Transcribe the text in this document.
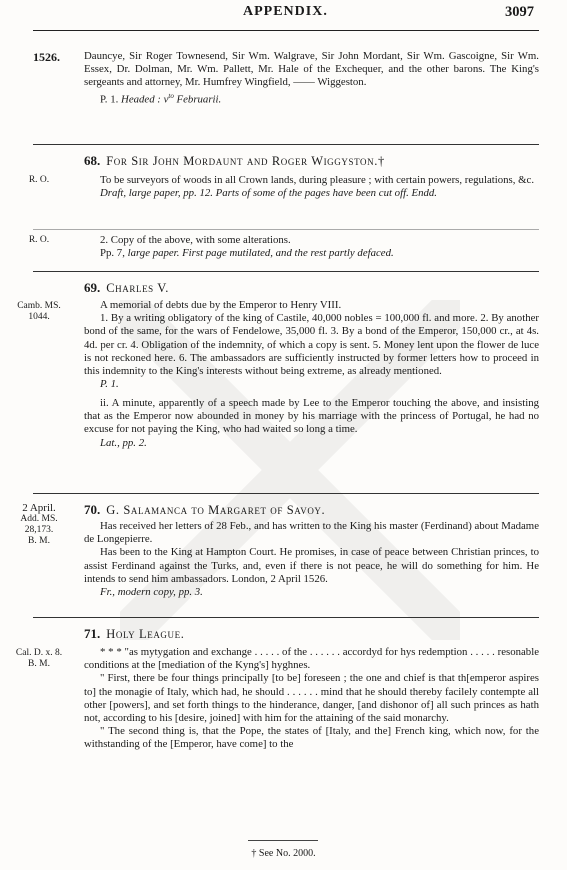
APPENDIX.	3097
1526. Dauncye, Sir Roger Townesend, Sir Wm. Walgrave, Sir John Mordant, Sir Wm. Gascoigne, Sir Wm. Essex, Dr. Dolman, Mr. Wm. Pallett, Mr. Hale of the Exchequer, and the other barons. The King's sergeants and attorney, Mr. Humfrey Wingfield, —— Wiggeston.

P. 1. Headed : $v^{to}$ Februarii.

68. For Sir John Mordaunt and Roger Wiggyston.†
R. O.	To be surveyors of woods in all Crown lands, during pleasure ; with certain powers, regulations, &c.

Draft, large paper, pp. 12. Parts of some of the pages have been cut off. Endd.

R. O.	2. Copy of the above, with some alterations.

Pp. 7, large paper. First page mutilated, and the rest partly defaced.

69. Charles V.
Camb. MS.
1044.

A memorial of debts due by the Emperor to Henry VIII.

1. By a writing obligatory of the king of Castile, 40,000 nobles = 100,000 fl. and more. 2. By another bond of the same, for the wars of Fendelowe, 35,000 fl. 3. By a bond of the Emperor, 150,000 cr., at 4s. 4d. per cr. 4. Obligation of the indemnity, of which a copy is sent. 5. Money lent upon the flower de luce is not reckoned here. 6. The ambassadors are sufficiently instructed by former letters how to proceed in this indemnity to the King's interests without being extreme, as already mentioned.

P. 1.

ii. A minute, apparently of a speech made by Lee to the Emperor touching the above, and insisting that as the Emperor now abounded in money by his marriage with the princess of Portugal, he had no excuse for not paying the King, who had waited so long a time.

Lat., pp. 2.

2 April.
Add. MS.
28,173.
B. M.
70. G. Salamanca to Margaret of Savoy.

Has received her letters of 28 Feb., and has written to the King his master (Ferdinand) about Madame de Longepierre.

Has been to the King at Hampton Court. He promises, in case of peace between Christian princes, to assist Ferdinand against the Turks, and, even if there is not peace, he will do something for him. He intends to send him ambassadors. London, 2 April 1526.

Fr., modern copy, pp. 3.

71. Holy League.
Cal. D. x. 8.
B. M.

* * * "as mytygation and exchange . . . . . of the . . . . . . accordyd for hys redemption . . . . . resonable conditions at the [mediation of the Kyng's] hyghnes.

" First, there be four things principally [to be] foreseen ; the one and chief is that th[emperor aspires to] the monagie of Italy, which had, he should . . . . . . mind that he should thereby facilely contempte all other [powers], and set forth things to the hinderance, danger, [and dishonor of] all such princes as hath not, according to his [desire, joined] with him for the attaining of the said monarchy.

" The second thing is, that the Pope, the states of [Italy, and the] French king, which now, for the withstanding of the [Emperor, have come] to the

† See No. 2000.
